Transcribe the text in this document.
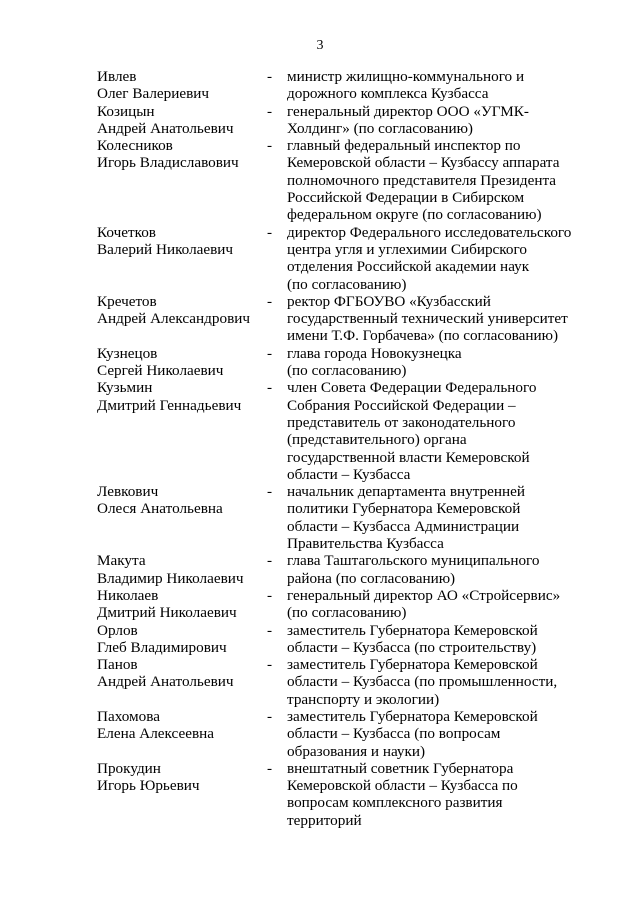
3
Ивлев
Олег Валериевич
- министр жилищно-коммунального и
дорожного комплекса Кузбасса
Козицын
Андрей Анатольевич
- генеральный директор ООО «УГМК-
Холдинг» (по согласованию)
Колесников
Игорь Владиславович
- главный федеральный инспектор по
Кемеровской области – Кузбассу аппарата
полномочного представителя Президента
Российской Федерации в Сибирском
федеральном округе (по согласованию)
Кочетков
Валерий Николаевич
- директор Федерального исследовательского
центра угля и углехимии Сибирского
отделения Российской академии наук
(по согласованию)
Кречетов
Андрей Александрович
- ректор ФГБОУВО «Кузбасский
государственный технический университет
имени Т.Ф. Горбачева» (по согласованию)
Кузнецов
Сергей Николаевич
- глава города Новокузнецка
(по согласованию)
Кузьмин
Дмитрий Геннадьевич
- член Совета Федерации Федерального
Собрания Российской Федерации –
представитель от законодательного
(представительного) органа
государственной власти Кемеровской
области – Кузбасса
Левкович
Олеся Анатольевна
- начальник департамента внутренней
политики Губернатора Кемеровской
области – Кузбасса Администрации
Правительства Кузбасса
Макута
Владимир Николаевич
- глава Таштагольского муниципального
района (по согласованию)
Николаев
Дмитрий Николаевич
- генеральный директор АО «Стройсервис»
(по согласованию)
Орлов
Глеб Владимирович
- заместитель Губернатора Кемеровской
области – Кузбасса (по строительству)
Панов
Андрей Анатольевич
- заместитель Губернатора Кемеровской
области – Кузбасса (по промышленности,
транспорту и экологии)
Пахомова
Елена Алексеевна
- заместитель Губернатора Кемеровской
области – Кузбасса (по вопросам
образования и науки)
Прокудин
Игорь Юрьевич
- внештатный советник Губернатора
Кемеровской области – Кузбасса по
вопросам комплексного развития
территорий
